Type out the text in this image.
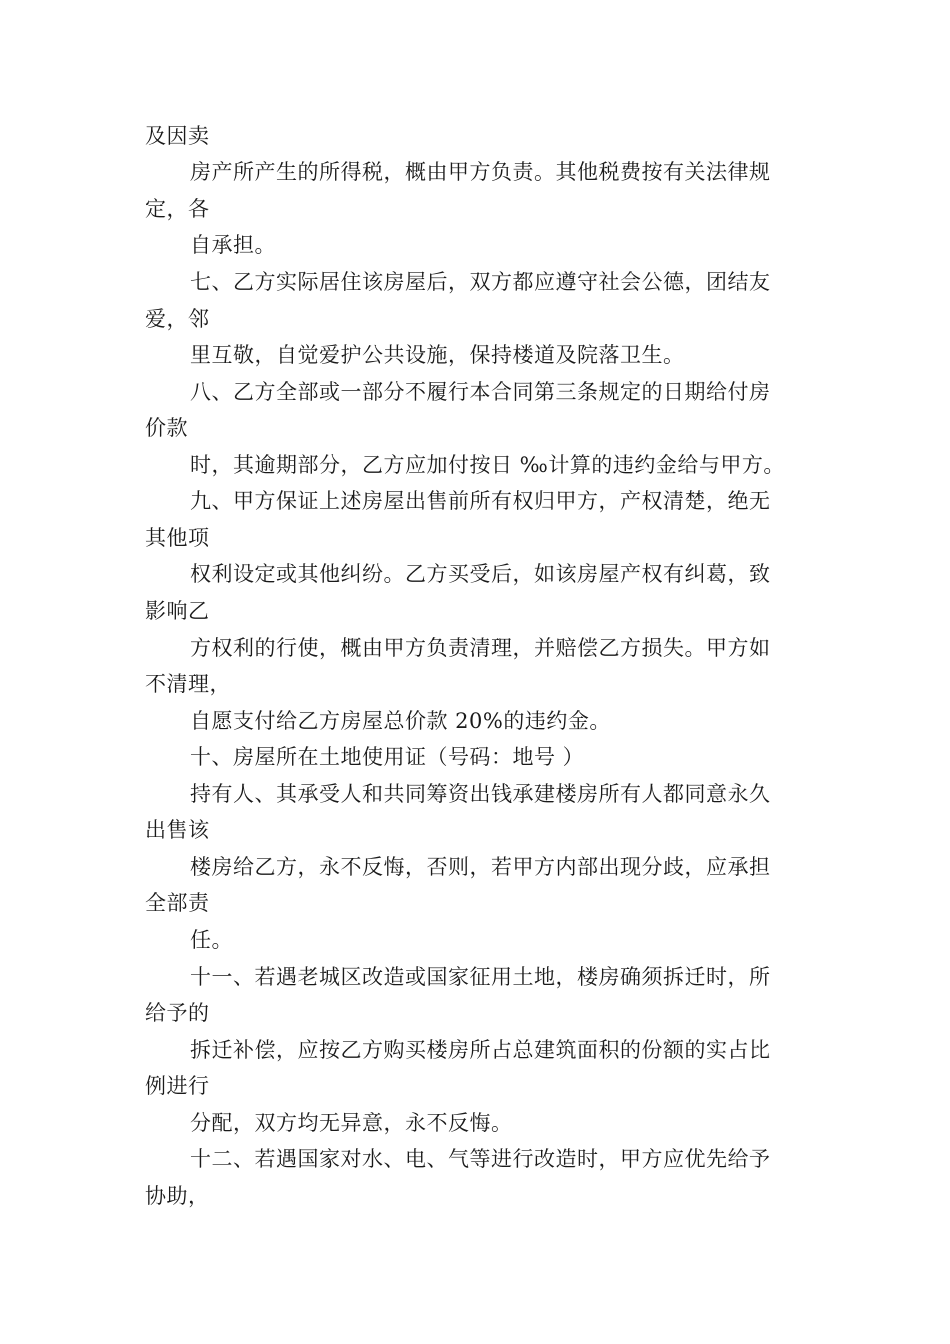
及因卖
房产所产生的所得税，概由甲方负责。其他税费按有关法律规
定，各
自承担。
七、乙方实际居住该房屋后，双方都应遵守社会公德，团结友
爱，邻
里互敬，自觉爱护公共设施，保持楼道及院落卫生。
八、乙方全部或一部分不履行本合同第三条规定的日期给付房
价款
时，其逾期部分，乙方应加付按日 ‰计算的违约金给与甲方。
九、甲方保证上述房屋出售前所有权归甲方，产权清楚，绝无
其他项
权利设定或其他纠纷。乙方买受后，如该房屋产权有纠葛，致
影响乙
方权利的行使，概由甲方负责清理，并赔偿乙方损失。甲方如
不清理，
自愿支付给乙方房屋总价款 20%的违约金。
十、房屋所在土地使用证（号码：地号 ）
持有人、其承受人和共同筹资出钱承建楼房所有人都同意永久
出售该
楼房给乙方，永不反悔，否则，若甲方内部出现分歧，应承担
全部责
任。
十一、若遇老城区改造或国家征用土地，楼房确须拆迁时，所
给予的
拆迁补偿，应按乙方购买楼房所占总建筑面积的份额的实占比
例进行
分配，双方均无异意，永不反悔。
十二、若遇国家对水、电、气等进行改造时，甲方应优先给予
协助，
